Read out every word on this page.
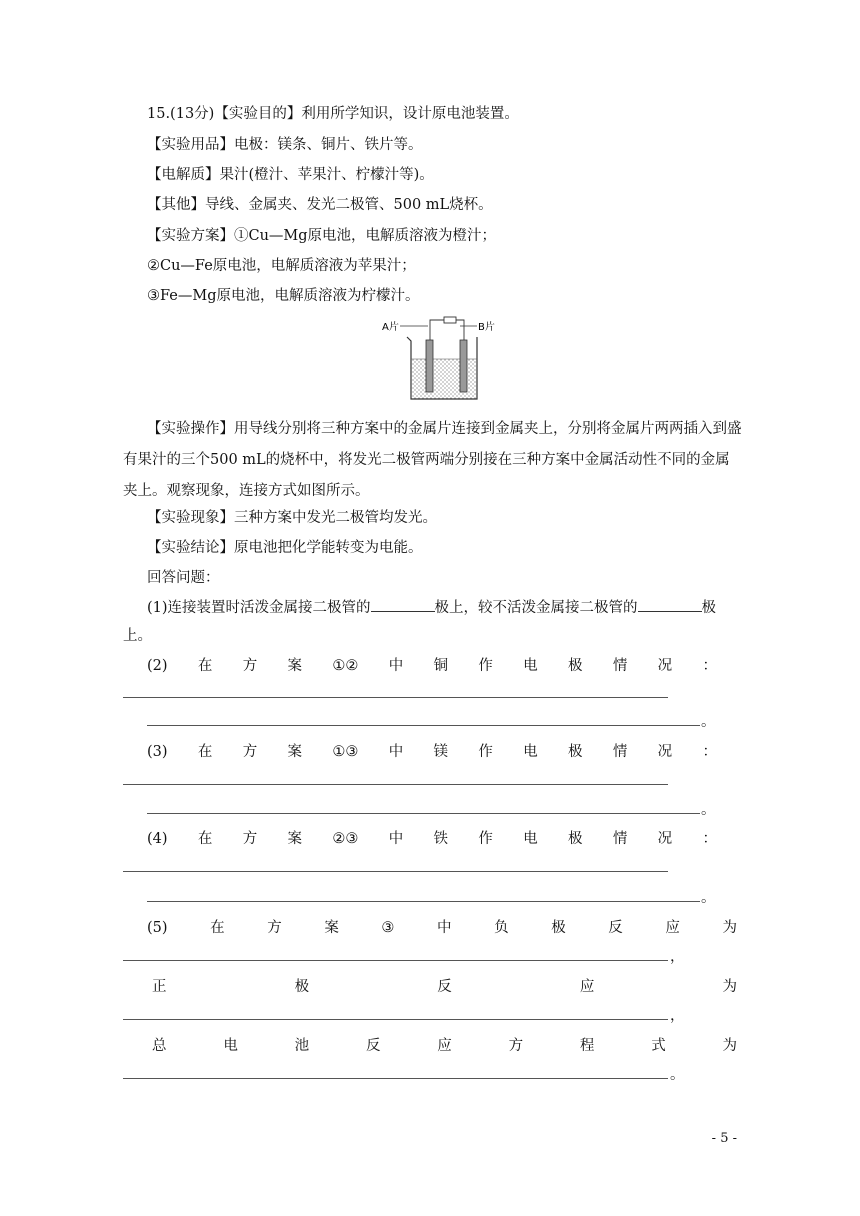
15.(13分)【实验目的】利用所学知识，设计原电池装置。
【实验用品】电极：镁条、铜片、铁片等。
【电解质】果汁(橙汁、苹果汁、柠檬汁等)。
【其他】导线、金属夹、发光二极管、500 mL烧杯。
【实验方案】①Cu—Mg原电池，电解质溶液为橙汁；
②Cu—Fe原电池，电解质溶液为苹果汁；
③Fe—Mg原电池，电解质溶液为柠檬汁。
A片	B片
【实验操作】用导线分别将三种方案中的金属片连接到金属夹上，分别将金属片两两插入到盛有果汁的三个500 mL的烧杯中，将发光二极管两端分别接在三种方案中金属活动性不同的金属夹上。观察现象，连接方式如图所示。
【实验现象】三种方案中发光二极管均发光。
【实验结论】原电池把化学能转变为电能。
回答问题：
(1)连接装置时活泼金属接二极管的	极上，较不活泼金属接二极管的	极
上。
(2) 在 方 案 ①② 中 铜 作 电 极 情 况 ：
。
(3) 在 方 案 ①③ 中 镁 作 电 极 情 况 ：
。
(4) 在 方 案 ②③ 中 铁 作 电 极 情 况 ：
。
(5)	在	方	案	③	中	负	极	反	应	为
，
正	极	反	应	为
，
总	电	池	反	应	方	程	式	为
。
- 5 -
